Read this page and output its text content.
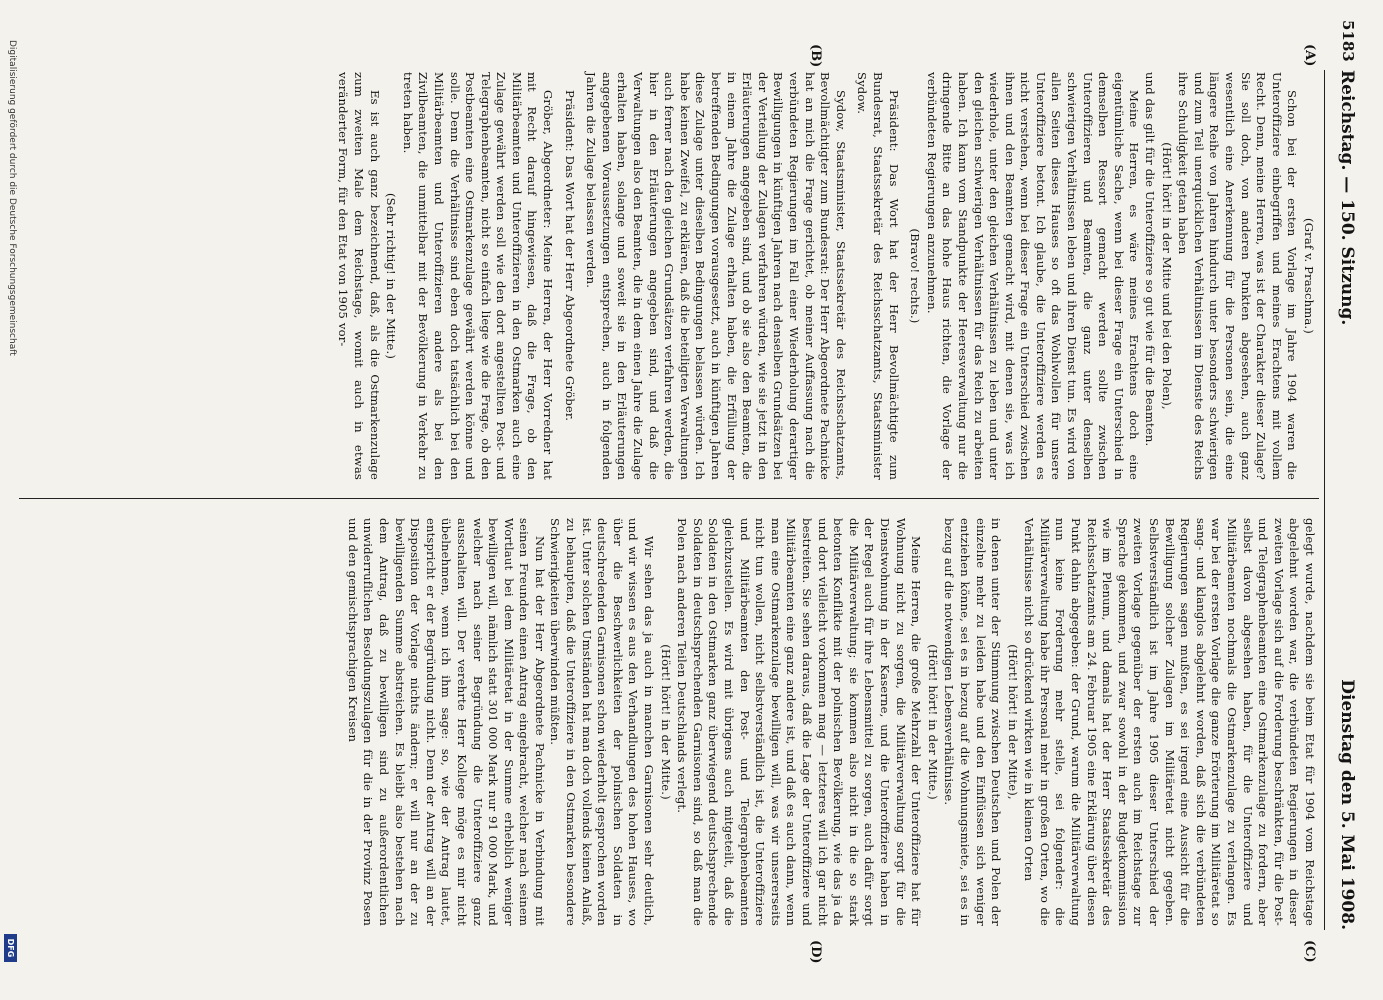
5183
Reichstag. — 150. Sitzung.
Dienstag den 5. Mai 1908.
(A)
(B)
(C)
(D)

(Graf v. Praschma.)

Schon bei der ersten Vorlage im Jahre 1904 waren die Unteroffiziere einbegriffen und meines Erachtens mit vollem Recht. Denn, meine Herren, was ist der Charakter dieser Zulage? Sie soll doch, von anderen Punkten abgesehen, auch ganz wesentlich eine Anerkennung für die Personen sein, die eine längere Reihe von Jahren hindurch unter besonders schwierigen und zum Teil unerquicklichen Verhältnissen im Dienste des Reichs ihre Schuldigkeit getan haben

(Hört! hört! in der Mitte und bei den Polen),

und das gilt für die Unteroffiziere so gut wie für die Beamten.

Meine Herren, es wäre meines Erachtens doch eine eigentümliche Sache, wenn bei dieser Frage ein Unterschied in demselben Ressort gemacht werden sollte zwischen Unteroffizieren und Beamten, die ganz unter denselben schwierigen Verhältnissen leben und ihren Dienst tun. Es wird von allen Seiten dieses Hauses so oft das Wohlwollen für unsere Unteroffiziere betont. Ich glaube, die Unteroffiziere werden es nicht verstehen, wenn bei dieser Frage ein Unterschied zwischen ihnen und den Beamten gemacht wird, mit denen sie, was ich wiederhole, unter den gleichen Verhältnissen zu leben und unter den gleichen schwierigen Verhältnissen für das Reich zu arbeiten haben. Ich kann vom Standpunkte der Heeresverwaltung nur die dringende Bitte an das hohe Haus richten, die Vorlage der verbündeten Regierungen anzunehmen.

(Bravo! rechts.)

Präsident: Das Wort hat der Herr Bevollmächtigte zum Bundesrat, Staatssekretär des Reichsschatzamts, Staatsminister Sydow.

Sydow, Staatsminister, Staatssekretär des Reichsschatzamts, Bevollmächtigter zum Bundesrat: Der Herr Abgeordnete Pachnicke hat an mich die Frage gerichtet, ob meiner Auffassung nach die verbündeten Regierungen im Fall einer Wiederholung derartiger Bewilligungen in künftigen Jahren nach denselben Grundsätzen bei der Verteilung der Zulagen verfahren würden, wie sie jetzt in den Erläuterungen angegeben sind, und ob sie also den Beamten, die in einem Jahre die Zulage erhalten haben, die Erfüllung der betreffenden Bedingungen vorausgesetzt, auch in künftigen Jahren diese Zulage unter dieselben Bedingungen belassen würden. Ich habe keinen Zweifel, zu erklären, daß die beteiligten Verwaltungen auch ferner nach den gleichen Grundsätzen verfahren werden, die hier in den Erläuterungen angegeben sind, und daß die Verwaltungen also den Beamten, die in dem einen Jahre die Zulage erhalten haben, solange und soweit sie in den Erläuterungen angegebenen Voraussetzungen entsprechen, auch in folgenden Jahren die Zulage belassen werden.

Präsident: Das Wort hat der Herr Abgeordnete Gröber.

Gröber, Abgeordneter: Meine Herren, der Herr Vorredner hat mit Recht darauf hingewiesen, daß die Frage, ob den Militärbeamten und Unteroffizieren in den Ostmarken auch eine Zulage gewährt werden soll wie den dort angestellten Post- und Telegraphenbeamten, nicht so einfach liege wie die Frage, ob den Postbeamten eine Ostmarkenzulage gewährt werden könne und solle. Denn die Verhältnisse sind eben doch tatsächlich bei den Militärbeamten und Unteroffizieren andere als bei den Zivilbeamten, die unmittelbar mit der Bevölkerung in Verkehr zu treten haben.

(Sehr richtig! in der Mitte.)

Es ist auch ganz bezeichnend, daß, als die Ostmarkenzulage zum zweiten Male dem Reichstage, womit auch in etwas veränderter Form, für den Etat von 1905 vor-

gelegt wurde, nachdem sie beim Etat für 1904 vom Reichstage abgelehnt worden war, die verbündeten Regierungen in dieser zweiten Vorlage sich auf die Forderung beschränkten, für die Post- und Telegraphenbeamten eine Ostmarkenzulage zu fordern, aber selbst davon abgesehen haben, für die Unteroffiziere und Militärbeamten nochmals die Ostmarkenzulage zu verlangen. Es war bei der ersten Vorlage die ganze Erörterung im Militäretat so sang- und klanglos abgelehnt worden, daß sich die verbündeten Regierungen sagen mußten, es sei irgend eine Aussicht für die Bewilligung solcher Zulagen im Militäretat nicht gegeben. Selbstverständlich ist im Jahre 1905 dieser Unterschied der zweiten Vorlage gegenüber der ersten auch im Reichstage zur Sprache gekommen, und zwar sowohl in der Budgetkommission wie im Plenum, und damals hat der Herr Staatssekretär des Reichsschatzamts am 24. Februar 1905 eine Erklärung über diesen Punkt dahin abgegeben: der Grund, warum die Militärverwaltung nun keine Forderung mehr stelle, sei folgender: die Militärverwaltung habe ihr Personal mehr in großen Orten, wo die Verhältnisse nicht so drückend wirkten wie in kleinen Orten

(Hört! hört! in der Mitte),

in denen unter der Stimmung zwischen Deutschen und Polen der einzelne mehr zu leiden habe und den Einflüssen sich weniger entziehen könne, sei es in bezug auf die Wohnungsmiete, sei es in bezug auf die notwendigen Lebensverhältnisse.

(Hört! hört! in der Mitte.)

Meine Herren, die große Mehrzahl der Unteroffiziere hat für Wohnung nicht zu sorgen, die Militärverwaltung sorgt für die Dienstwohnung in der Kaserne, und die Unteroffiziere haben in der Regel auch für ihre Lebensmittel zu sorgen, auch dafür sorgt die Militärverwaltung; sie kommen also nicht in die so stark betonten Konflikte mit der polnischen Bevölkerung, wie das ja da und dort vielleicht vorkommen mag — letzteres will ich gar nicht bestreiten. Sie sehen daraus, daß die Lage der Unteroffiziere und Militärbeamten eine ganz andere ist, und daß es auch dann, wenn man eine Ostmarkenzulage bewilligen will, was wir unsererseits nicht tun wollen, nicht selbstverständlich ist, die Unteroffiziere und Militärbeamten den Post- und Telegraphenbeamten gleichzustellen. Es wird mit übrigens auch mitgeteilt, daß die Soldaten in den Ostmarken ganz überwiegend deutschsprechende Soldaten in deutschsprechenden Garnisonen sind, so daß man die Polen nach anderen Teilen Deutschlands verlegt.

(Hört! hört! in der Mitte.)

Wir sehen das ja auch in manchen Garnisonen sehr deutlich, und wir wissen es aus den Verhandlungen des hohen Hauses, wo über die Beschwerlichkeiten der polnischen Soldaten in deutschredenden Garnisonen schon wiederholt gesprochen worden ist. Unter solchen Umständen hat man doch vollends keinen Anlaß, zu behaupten, daß die Unteroffiziere in den Ostmarken besondere Schwierigkeiten überwinden müßten.

Nun hat der Herr Abgeordnete Pachnicke in Verbindung mit seinen Freunden einen Antrag eingebracht, welcher nach seinem Wortlaut bei dem Militäretat in der Summe erheblich weniger bewilligen will, nämlich statt 301 000 Mark nur 91 000 Mark, und welcher nach seiner Begründung die Unteroffiziere ganz ausschalten will. Der verehrte Herr Kollege möge es mir nicht übelnehmen, wenn ich ihm sage: so, wie der Antrag lautet, entspricht er der Begründung nicht. Denn der Antrag will an der Disposition der Vorlage nichts ändern; er will nur an der zu bewilligenden Summe abstreichen. Es bleibt also bestehen nach dem Antrag, daß zu bewilligen sind zu außerordentlichen unwiderruflichen Besoldungszulagen für die in der Provinz Posen und den gemischtsprachigen Kreisen

Digitalisierung gefördert durch die Deutsche Forschungsgemeinschaft
DFG
